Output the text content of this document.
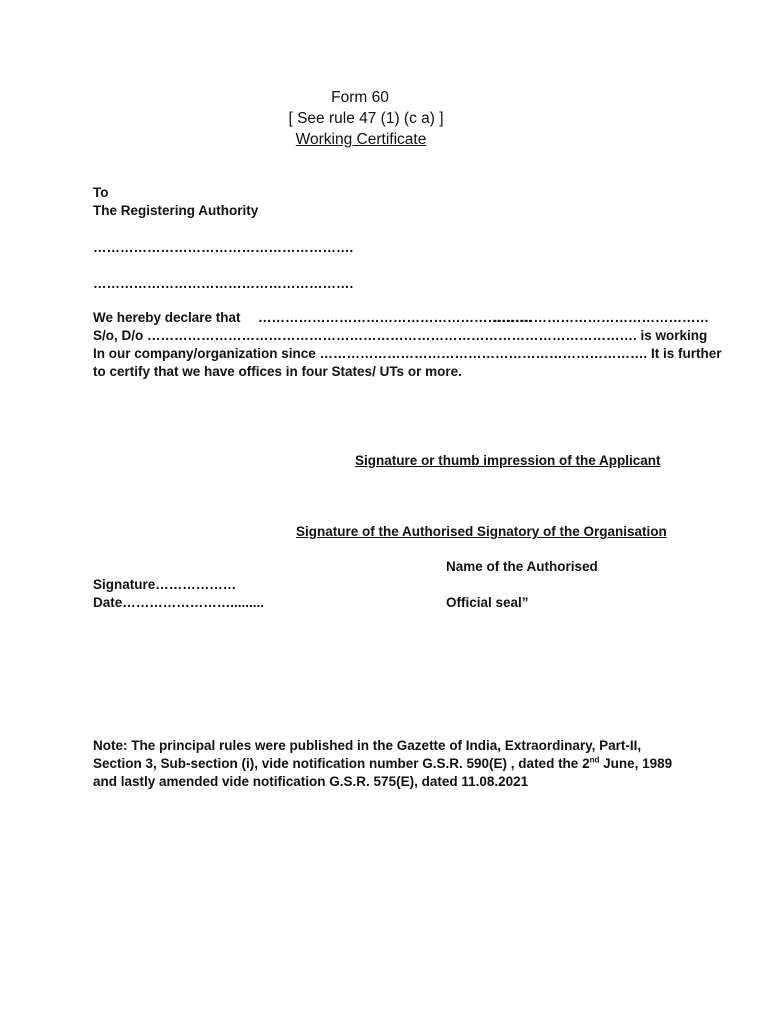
Form 60
[ See rule 47 (1) (c a) ]
Working Certificate
To
The Registering Authority
………………………………………………….
………………………………………………….
We hereby declare that …………………………………………………….
…………………………………………
S/o, D/o ………………………………………………………………………………………………. is working
In our company/organization since ………………………………………………………………. It is further
to certify that we have offices in four States/ UTs or more.
Signature or thumb impression of the Applicant
Signature of the Authorised Signatory of the Organisation
Name of the Authorised
Signature………………
Date…………………….........	Official seal”
Note: The principal rules were published in the Gazette of India, Extraordinary, Part-II,
Section 3, Sub-section (i), vide notification number G.S.R. 590(E) , dated the 2nd June, 1989
and lastly amended vide notification G.S.R. 575(E), dated 11.08.2021
